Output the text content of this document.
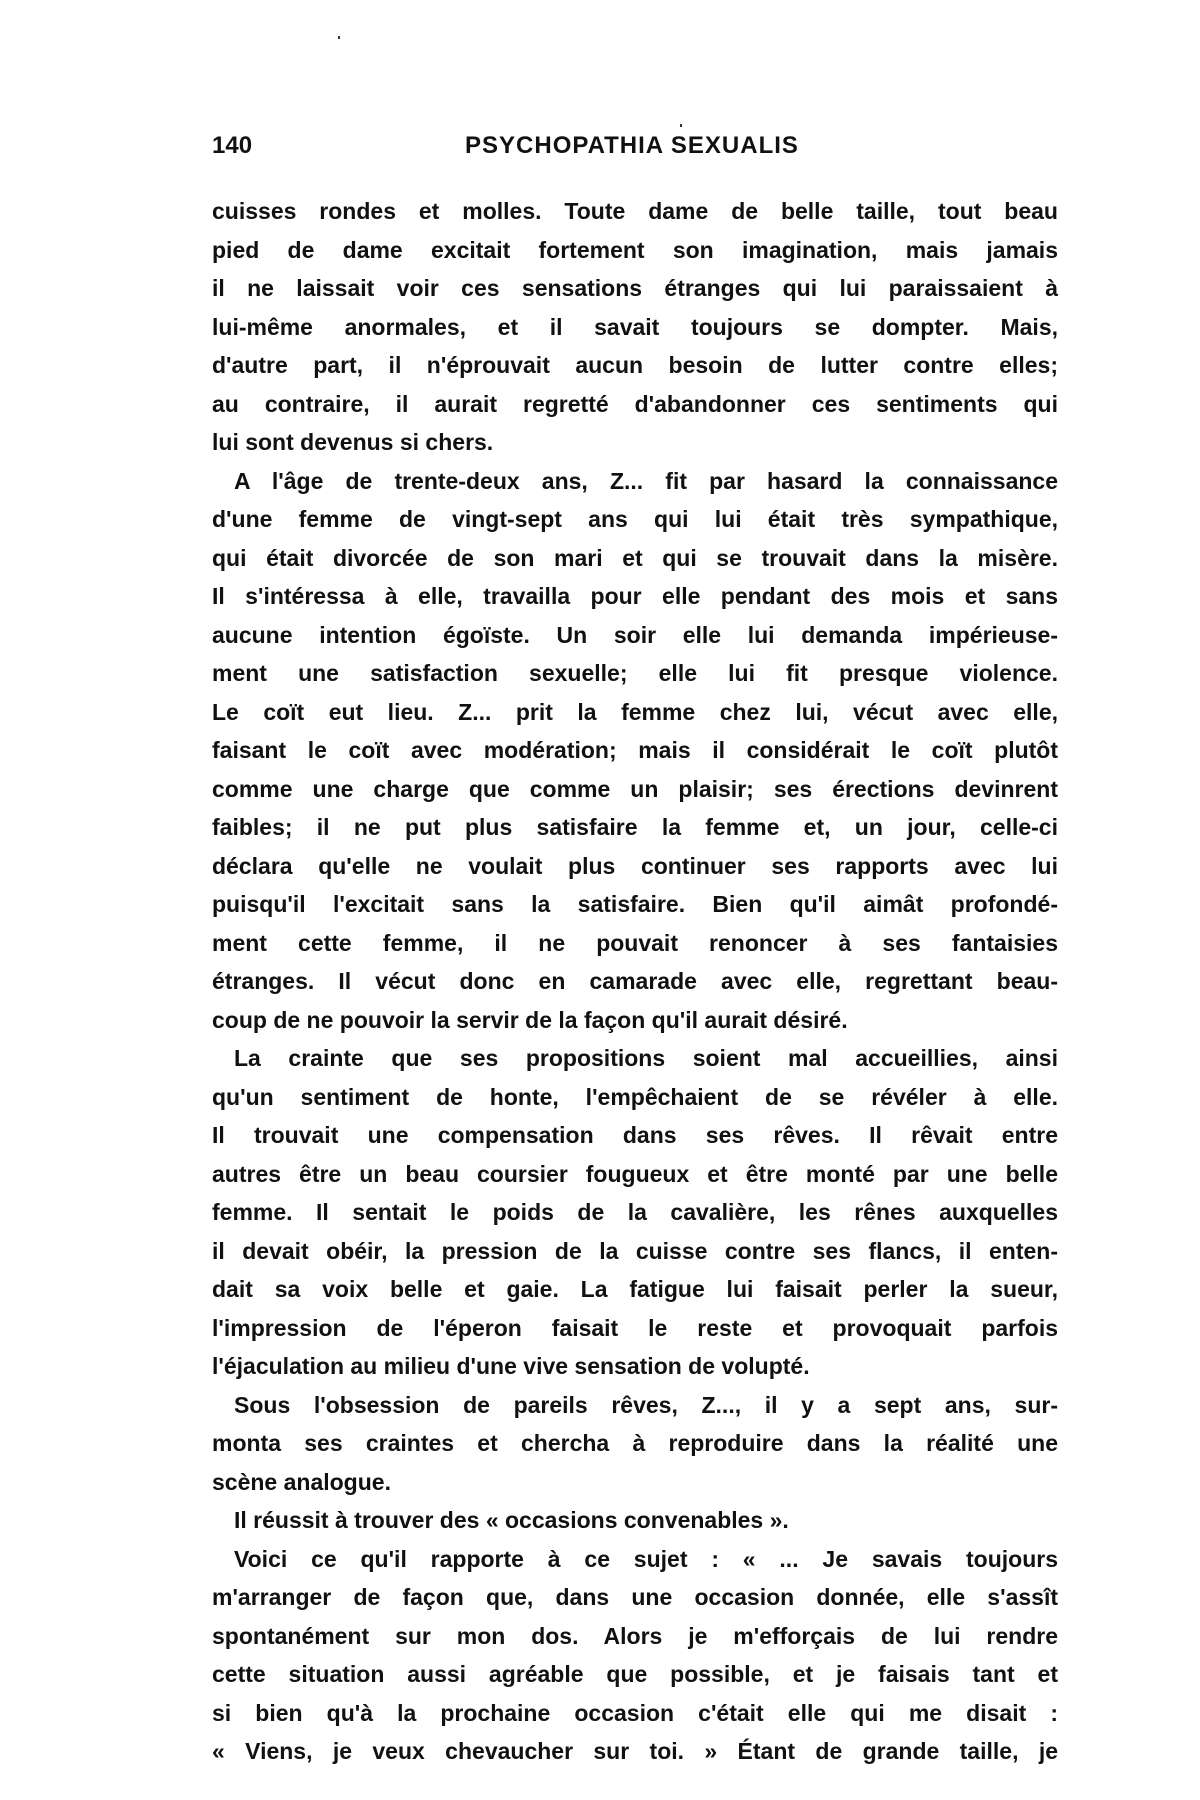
140	PSYCHOPATHIA SEXUALIS
cuisses rondes et molles. Toute dame de belle taille, tout beau
pied de dame excitait fortement son imagination, mais jamais
il ne laissait voir ces sensations étranges qui lui paraissaient à
lui-même anormales, et il savait toujours se dompter. Mais,
d'autre part, il n'éprouvait aucun besoin de lutter contre elles;
au contraire, il aurait regretté d'abandonner ces sentiments qui
lui sont devenus si chers.
A l'âge de trente-deux ans, Z... fit par hasard la connaissance
d'une femme de vingt-sept ans qui lui était très sympathique,
qui était divorcée de son mari et qui se trouvait dans la misère.
Il s'intéressa à elle, travailla pour elle pendant des mois et sans
aucune intention égoïste. Un soir elle lui demanda impérieuse-
ment une satisfaction sexuelle; elle lui fit presque violence.
Le coït eut lieu. Z... prit la femme chez lui, vécut avec elle,
faisant le coït avec modération; mais il considérait le coït plutôt
comme une charge que comme un plaisir; ses érections devinrent
faibles; il ne put plus satisfaire la femme et, un jour, celle-ci
déclara qu'elle ne voulait plus continuer ses rapports avec lui
puisqu'il l'excitait sans la satisfaire. Bien qu'il aimât profondé-
ment cette femme, il ne pouvait renoncer à ses fantaisies
étranges. Il vécut donc en camarade avec elle, regrettant beau-
coup de ne pouvoir la servir de la façon qu'il aurait désiré.
La crainte que ses propositions soient mal accueillies, ainsi
qu'un sentiment de honte, l'empêchaient de se révéler à elle.
Il trouvait une compensation dans ses rêves. Il rêvait entre
autres être un beau coursier fougueux et être monté par une belle
femme. Il sentait le poids de la cavalière, les rênes auxquelles
il devait obéir, la pression de la cuisse contre ses flancs, il enten-
dait sa voix belle et gaie. La fatigue lui faisait perler la sueur,
l'impression de l'éperon faisait le reste et provoquait parfois
l'éjaculation au milieu d'une vive sensation de volupté.
Sous l'obsession de pareils rêves, Z..., il y a sept ans, sur-
monta ses craintes et chercha à reproduire dans la réalité une
scène analogue.
Il réussit à trouver des « occasions convenables ».
Voici ce qu'il rapporte à ce sujet : « ... Je savais toujours
m'arranger de façon que, dans une occasion donnée, elle s'assît
spontanément sur mon dos. Alors je m'efforçais de lui rendre
cette situation aussi agréable que possible, et je faisais tant et
si bien qu'à la prochaine occasion c'était elle qui me disait :
« Viens, je veux chevaucher sur toi. » Étant de grande taille, je
